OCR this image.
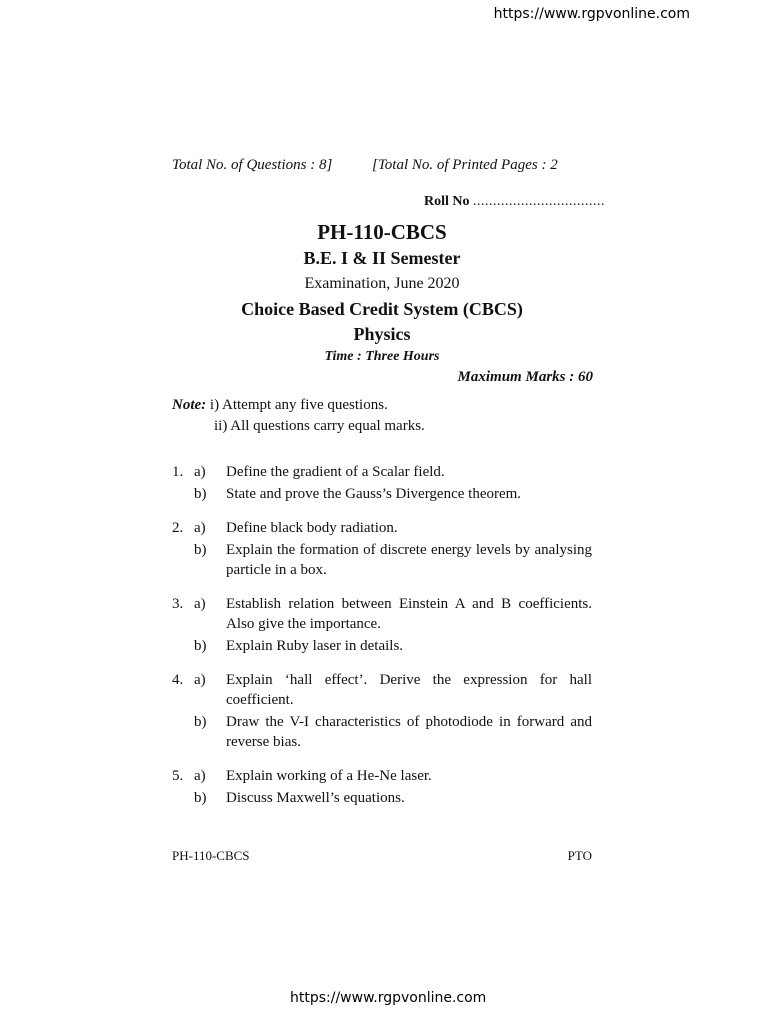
https://www.rgpvonline.com
Total No. of Questions : 8]	[Total No. of Printed Pages : 2
Roll No .................................
PH-110-CBCS
B.E. I & II Semester
Examination, June 2020
Choice Based Credit System (CBCS)
Physics
Time : Three Hours
Maximum Marks : 60
Note: i) Attempt any five questions.
ii) All questions carry equal marks.
1. a)	Define the gradient of a Scalar field.
b)	State and prove the Gauss’s Divergence theorem.
2. a)	Define black body radiation.
b)	Explain the formation of discrete energy levels by analysing particle in a box.
3. a)	Establish relation between Einstein A and B coefficients. Also give the importance.
b)	Explain Ruby laser in details.
4. a)	Explain ‘hall effect’. Derive the expression for hall coefficient.
b)	Draw the V-I characteristics of photodiode in forward and reverse bias.
5. a)	Explain working of a He-Ne laser.
b)	Discuss Maxwell’s equations.
PH-110-CBCS	PTO
https://www.rgpvonline.com
